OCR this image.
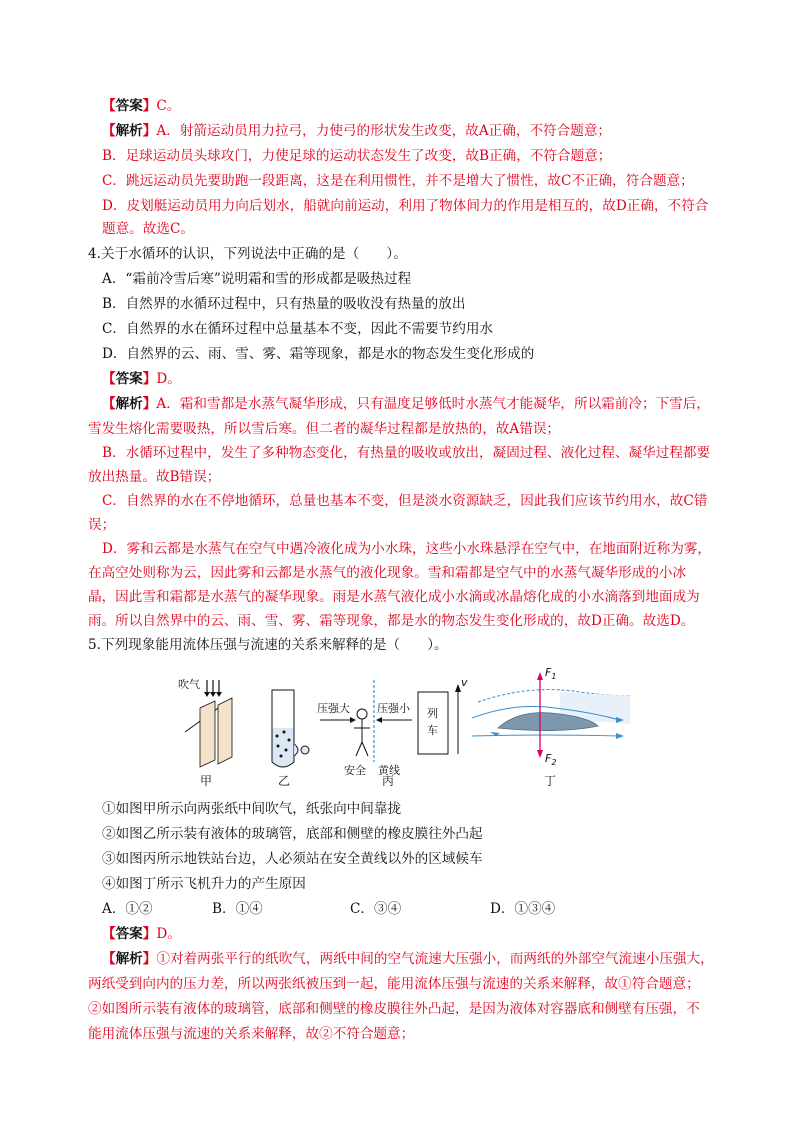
【答案】C。
【解析】A．射箭运动员用力拉弓，力使弓的形状发生改变，故A正确，不符合题意；
B．足球运动员头球攻门，力使足球的运动状态发生了改变，故B正确，不符合题意；
C．跳远运动员先要助跑一段距离，这是在利用惯性，并不是增大了惯性，故C不正确，符合题意；
D．皮划艇运动员用力向后划水，船就向前运动，利用了物体间力的作用是相互的，故D正确，不符合
题意。故选C。
4.关于水循环的认识，下列说法中正确的是（　　）。
A．“霜前冷雪后寒”说明霜和雪的形成都是吸热过程
B．自然界的水循环过程中，只有热量的吸收没有热量的放出
C．自然界的水在循环过程中总量基本不变，因此不需要节约用水
D．自然界的云、雨、雪、雾、霜等现象，都是水的物态发生变化形成的
【答案】D。
【解析】A．霜和雪都是水蒸气凝华形成，只有温度足够低时水蒸气才能凝华，所以霜前冷；下雪后，
雪发生熔化需要吸热，所以雪后寒。但二者的凝华过程都是放热的，故A错误；
B．水循环过程中，发生了多种物态变化，有热量的吸收或放出，凝固过程、液化过程、凝华过程都要
放出热量。故B错误；
C．自然界的水在不停地循环，总量也基本不变，但是淡水资源缺乏，因此我们应该节约用水，故C错
误；
D．雾和云都是水蒸气在空气中遇冷液化成为小水珠，这些小水珠悬浮在空气中，在地面附近称为雾，
在高空处则称为云，因此雾和云都是水蒸气的液化现象。雪和霜都是空气中的水蒸气凝华形成的小冰
晶，因此雪和霜都是水蒸气的凝华现象。雨是水蒸气液化成小水滴或冰晶熔化成的小水滴落到地面成为
雨。所以自然界中的云、雨、雪、雾、霜等现象，都是水的物态发生变化形成的，故D正确。故选D。
5.下列现象能用流体压强与流速的关系来解释的是（　　）。
吹气
甲	乙
压强大 压强小 列
车
v
安全 黄线
丙
$F_1$
$F_2$
丁
①如图甲所示向两张纸中间吹气，纸张向中间靠拢
②如图乙所示装有液体的玻璃管，底部和侧壁的橡皮膜往外凸起
③如图丙所示地铁站台边，人必须站在安全黄线以外的区域候车
④如图丁所示飞机升力的产生原因
A．①②	B．①④	C．③④	D．①③④
【答案】D。
【解析】①对着两张平行的纸吹气，两纸中间的空气流速大压强小，而两纸的外部空气流速小压强大，
两纸受到向内的压力差，所以两张纸被压到一起，能用流体压强与流速的关系来解释，故①符合题意；
②如图所示装有液体的玻璃管，底部和侧壁的橡皮膜往外凸起，是因为液体对容器底和侧壁有压强，不
能用流体压强与流速的关系来解释，故②不符合题意；
